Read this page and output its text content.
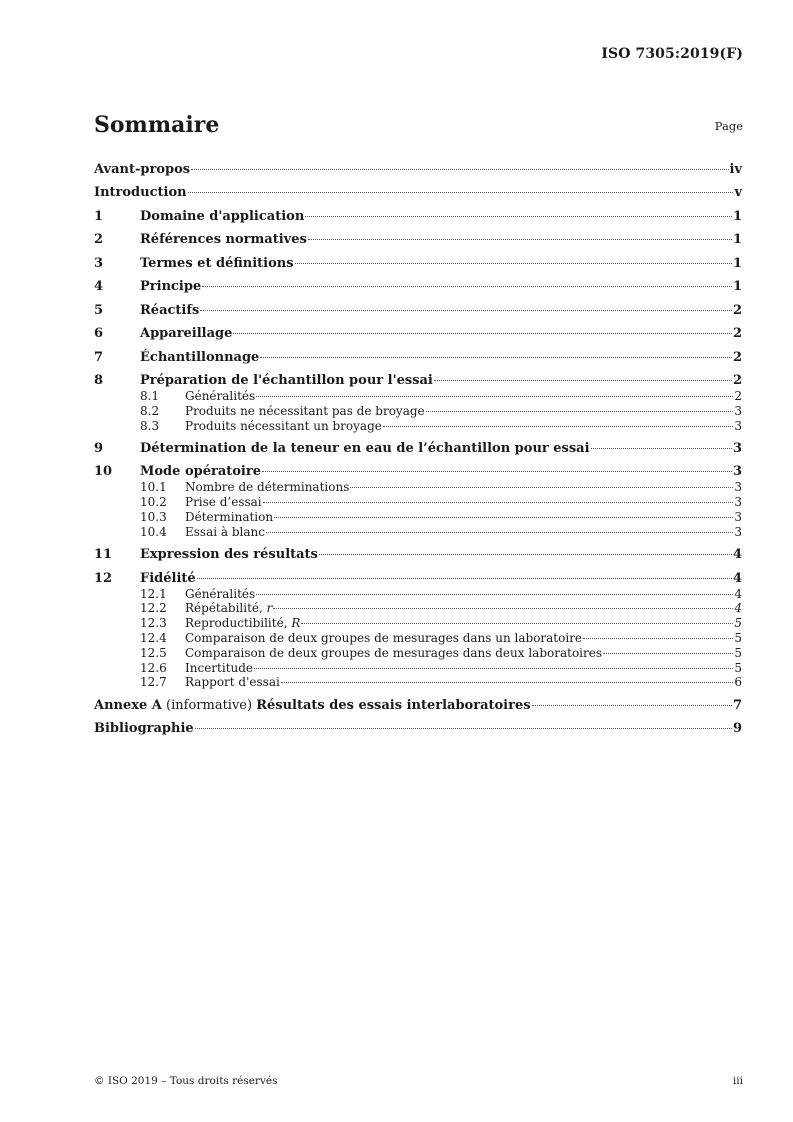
ISO 7305:2019(F)
Sommaire	Page
Avant-propos	iv
Introduction	v
1	Domaine d'application	1
2	Références normatives	1
3	Termes et définitions	1
4	Principe	1
5	Réactifs	2
6	Appareillage	2
7	Échantillonnage	2
8	Préparation de l'échantillon pour l'essai	2
8.1	Généralités	2
8.2	Produits ne nécessitant pas de broyage	3
8.3	Produits nécessitant un broyage	3
9	Détermination de la teneur en eau de l’échantillon pour essai	3
10	Mode opératoire	3
10.1	Nombre de déterminations	3
10.2	Prise d’essai	3
10.3	Détermination	3
10.4	Essai à blanc	3
11	Expression des résultats	4
12	Fidélité	4
12.1	Généralités	4
12.2	Répétabilité, r	4
12.3	Reproductibilité, R	5
12.4	Comparaison de deux groupes de mesurages dans un laboratoire	5
12.5	Comparaison de deux groupes de mesurages dans deux laboratoires	5
12.6	Incertitude	5
12.7	Rapport d'essai	6
Annexe A (informative) Résultats des essais interlaboratoires	7
Bibliographie	9
© ISO 2019 – Tous droits réservés	iii
